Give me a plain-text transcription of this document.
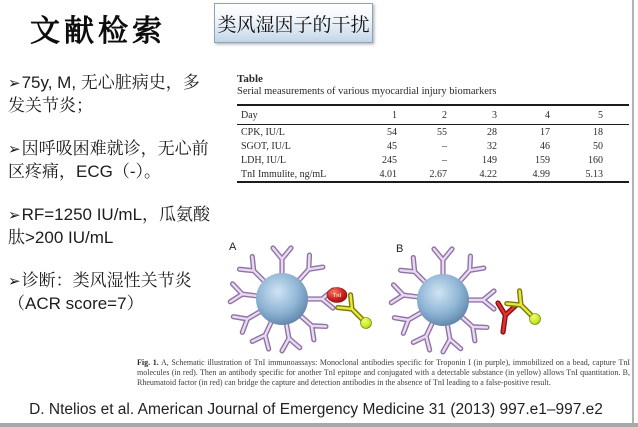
文献检索	类风湿因子的干扰

➢75y, M, 无心脏病史，多发关节炎；

➢因呼吸困难就诊，无心前区疼痛，ECG（-）。

➢RF=1250 IU/mL，瓜氨酸肽>200 IU/mL

➢诊断：类风湿性关节炎（ACR score=7）

Table

Serial measurements of various myocardial injury biomarkers

Day	1	2	3	4	5
CPK, IU/L	54	55	28	17	18
SGOT, IU/L	45	–	32	46	50
LDH, IU/L	245	–	149	159	160
TnI Immulite, ng/mL	4.01	2.67	4.22	4.99	5.13
A	B
TnI
Fig. 1. A, Schematic illustration of TnI immunoassays: Monoclonal antibodies specific for Troponin I (in purple), immobilized on a bead, capture TnI molecules (in red). Then an antibody specific for another TnI epitope and conjugated with a detectable substance (in yellow) allows TnI quantitation. B, Rheumatoid factor (in red) can bridge the capture and detection antibodies in the absence of TnI leading to a false-positive result.
D. Ntelios et al. American Journal of Emergency Medicine 31 (2013) 997.e1–997.e2
